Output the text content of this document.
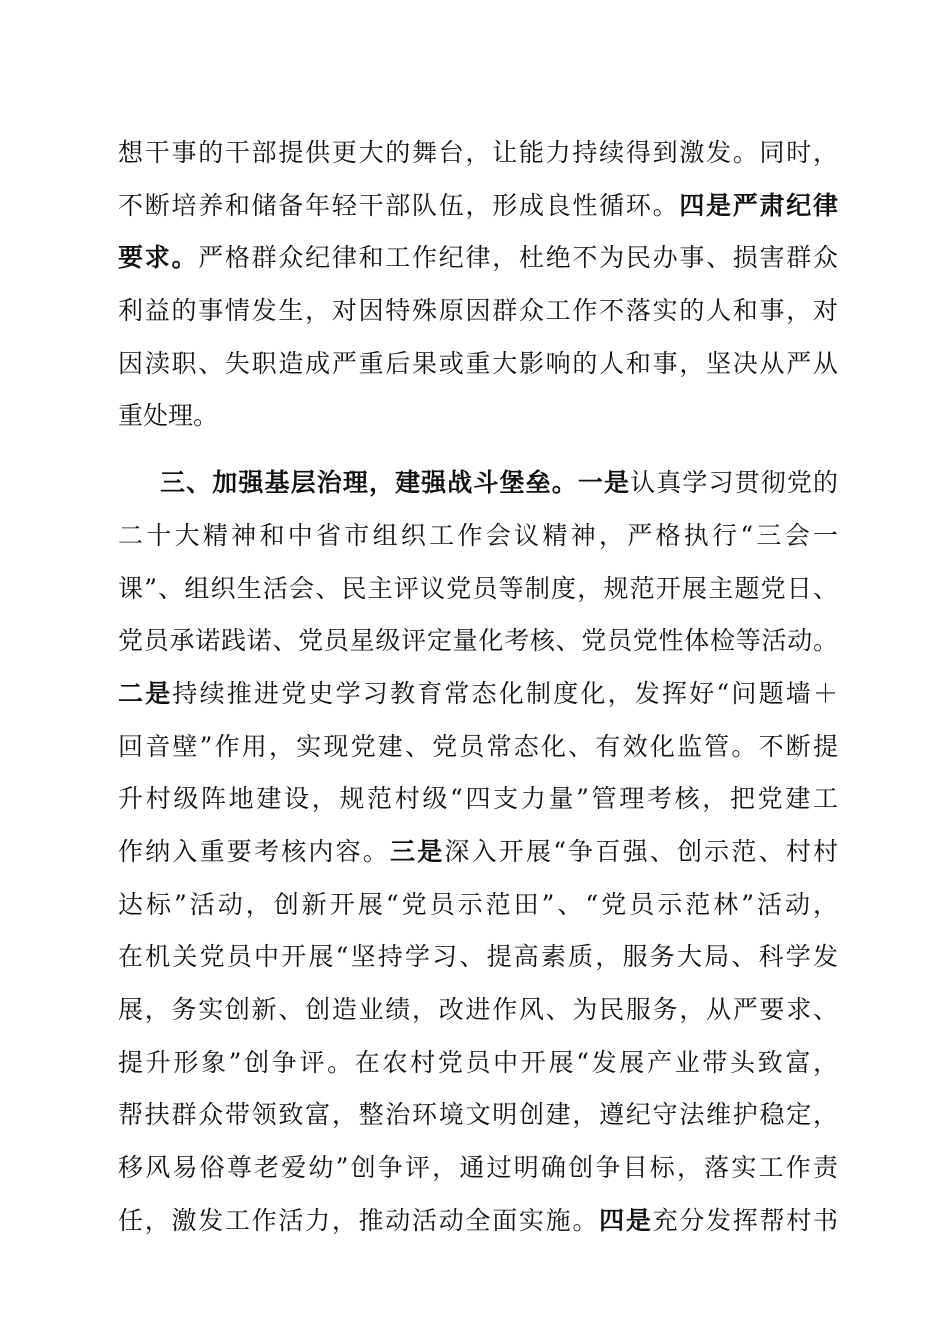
想干事的干部提供更大的舞台，让能力持续得到激发。同时，
不断培养和储备年轻干部队伍，形成良性循环。四是严肃纪律
要求。严格群众纪律和工作纪律，杜绝不为民办事、损害群众
利益的事情发生，对因特殊原因群众工作不落实的人和事，对
因渎职、失职造成严重后果或重大影响的人和事，坚决从严从
重处理。
三、加强基层治理，建强战斗堡垒。一是认真学习贯彻党的
二十大精神和中省市组织工作会议精神，严格执行“三会一
课”、组织生活会、民主评议党员等制度，规范开展主题党日、
党员承诺践诺、党员星级评定量化考核、党员党性体检等活动。
二是持续推进党史学习教育常态化制度化，发挥好“问题墙＋
回音壁”作用，实现党建、党员常态化、有效化监管。不断提
升村级阵地建设，规范村级“四支力量”管理考核，把党建工
作纳入重要考核内容。三是深入开展“争百强、创示范、村村
达标”活动，创新开展“党员示范田”、“党员示范林”活动，
在机关党员中开展“坚持学习、提高素质，服务大局、科学发
展，务实创新、创造业绩，改进作风、为民服务，从严要求、
提升形象”创争评。在农村党员中开展“发展产业带头致富，
帮扶群众带领致富，整治环境文明创建，遵纪守法维护稳定，
移风易俗尊老爱幼”创争评，通过明确创争目标，落实工作责
任，激发工作活力，推动活动全面实施。四是充分发挥帮村书
